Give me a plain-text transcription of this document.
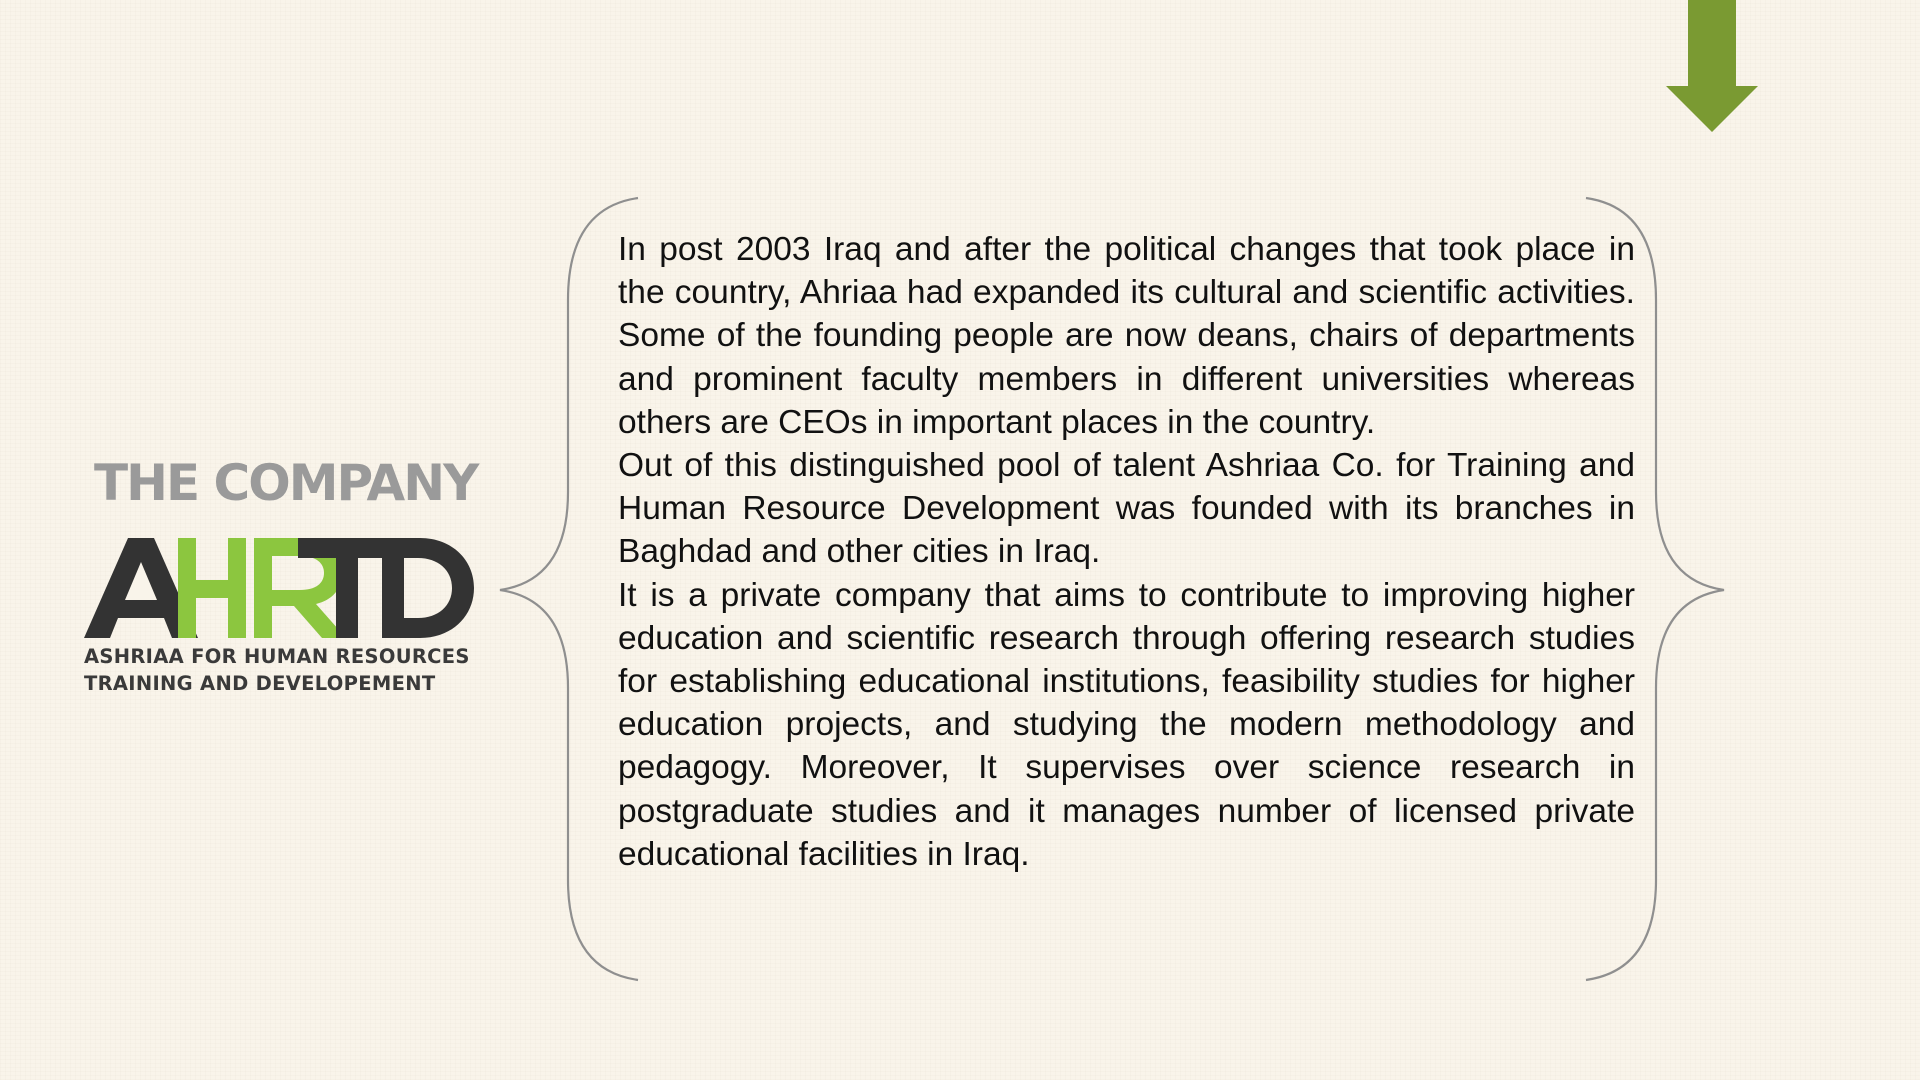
THE COMPANY
ASHRIAA FOR HUMAN RESOURCES
TRAINING AND DEVELOPEMENT

In post 2003 Iraq and after the political changes that took place in the country, Ahriaa had expanded its cultural and scientific activities. Some of the founding people are now deans, chairs of departments and prominent faculty members in different universities whereas others are CEOs in important places in the country.

Out of this distinguished pool of talent Ashriaa Co. for Training and Human Resource Development was founded with its branches in Baghdad and other cities in Iraq.

It is a private company that aims to contribute to improving higher education and scientific research through offering research studies for establishing educational institutions, feasibility studies for higher education projects, and studying the modern methodology and pedagogy. Moreover, It supervises over science research in postgraduate studies and it manages number of licensed private educational facilities in Iraq.
